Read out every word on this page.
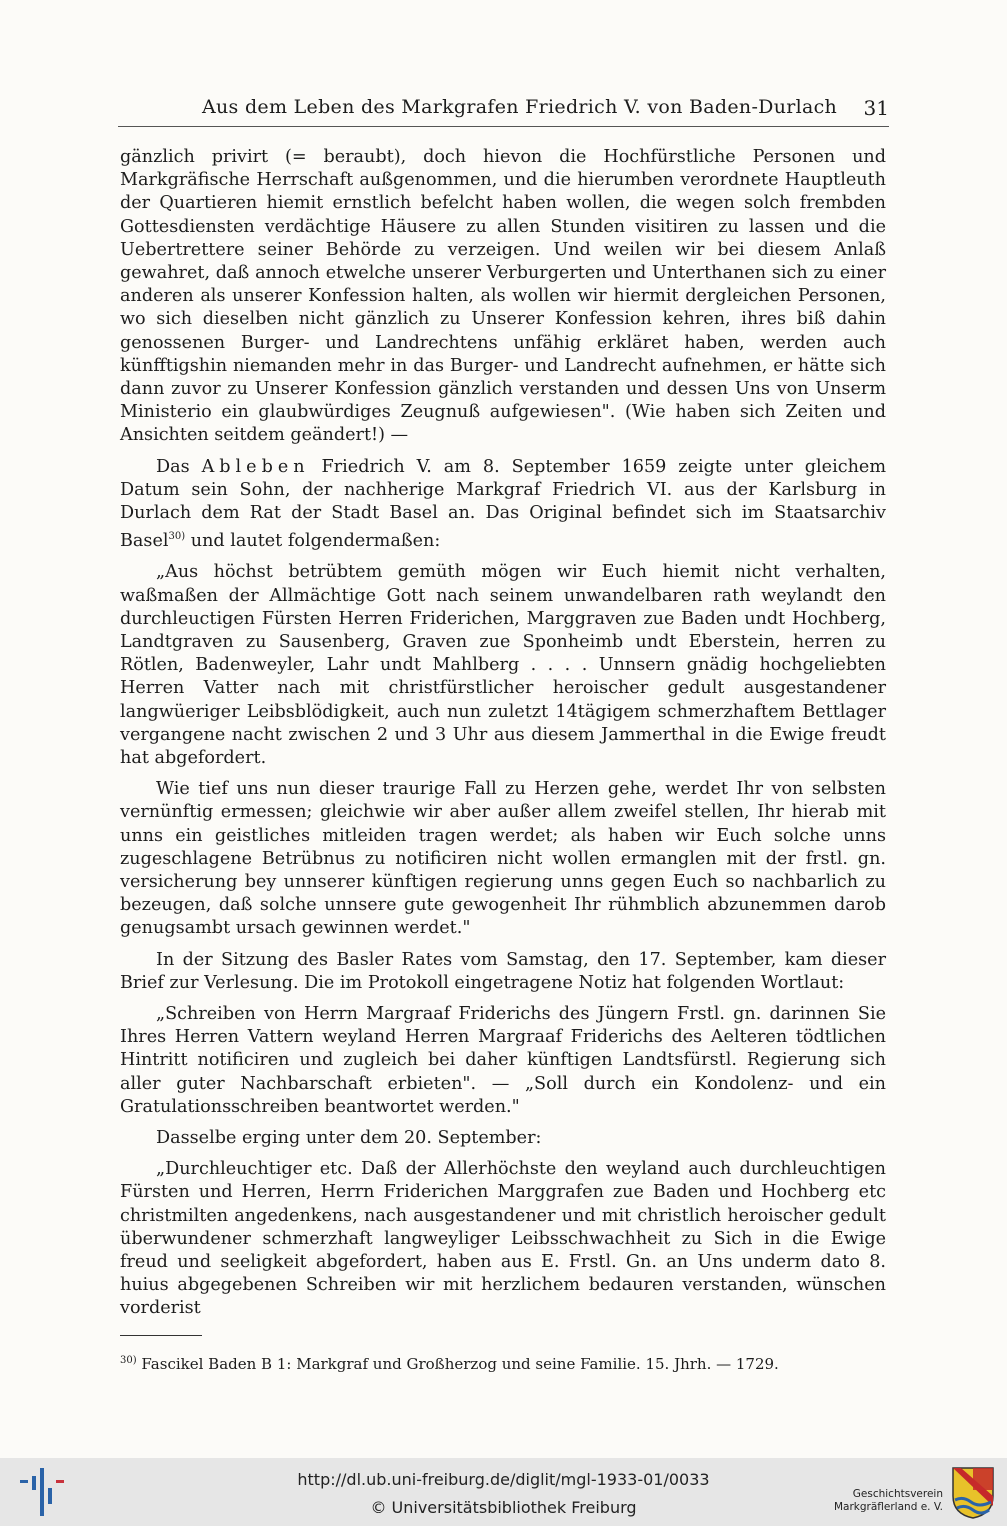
Aus dem Leben des Markgrafen Friedrich V. von Baden-Durlach 31

gänzlich privirt (= beraubt), doch hievon die Hochfürstliche Personen und Markgräfische Herrschaft außgenommen, und die hierumben verordnete Hauptleuth der Quartieren hiemit ernstlich befelcht haben wollen, die wegen solch frembden Gottesdiensten verdächtige Häusere zu allen Stunden visitiren zu lassen und die Uebertrettere seiner Behörde zu verzeigen. Und weilen wir bei diesem Anlaß gewahret, daß annoch etwelche unserer Verburgerten und Unterthanen sich zu einer anderen als unserer Konfession halten, als wollen wir hiermit dergleichen Personen, wo sich dieselben nicht gänzlich zu Unserer Konfession kehren, ihres biß dahin genossenen Burger- und Landrechtens unfähig erkläret haben, werden auch künfftigshin niemanden mehr in das Burger- und Landrecht aufnehmen, er hätte sich dann zuvor zu Unserer Konfession gänzlich verstanden und dessen Uns von Unserm Ministerio ein glaubwürdiges Zeugnuß aufgewiesen". (Wie haben sich Zeiten und Ansichten seitdem geändert!) —

Das Ableben Friedrich V. am 8. September 1659 zeigte unter gleichem Datum sein Sohn, der nachherige Markgraf Friedrich VI. aus der Karlsburg in Durlach dem Rat der Stadt Basel an. Das Original befindet sich im Staatsarchiv Basel$^{30)}$ und lautet folgendermaßen:

„Aus höchst betrübtem gemüth mögen wir Euch hiemit nicht verhalten, waßmaßen der Allmächtige Gott nach seinem unwandelbaren rath weylandt den durchleuctigen Fürsten Herren Friderichen, Marggraven zue Baden undt Hochberg, Landtgraven zu Sausenberg, Graven zue Sponheimb undt Eberstein, herren zu Rötlen, Badenweyler, Lahr undt Mahlberg . . . . Unnsern gnädig hochgeliebten Herren Vatter nach mit christfürstlicher heroischer gedult ausgestandener langwüeriger Leibsblödigkeit, auch nun zuletzt 14tägigem schmerzhaftem Bettlager vergangene nacht zwischen 2 und 3 Uhr aus diesem Jammerthal in die Ewige freudt hat abgefordert.

Wie tief uns nun dieser traurige Fall zu Herzen gehe, werdet Ihr von selbsten vernünftig ermessen; gleichwie wir aber außer allem zweifel stellen, Ihr hierab mit unns ein geistliches mitleiden tragen werdet; als haben wir Euch solche unns zugeschlagene Betrübnus zu notificiren nicht wollen ermanglen mit der frstl. gn. versicherung bey unnserer künftigen regierung unns gegen Euch so nachbarlich zu bezeugen, daß solche unnsere gute gewogenheit Ihr rühmblich abzunemmen darob genugsambt ursach gewinnen werdet."

In der Sitzung des Basler Rates vom Samstag, den 17. September, kam dieser Brief zur Verlesung. Die im Protokoll eingetragene Notiz hat folgenden Wortlaut:

„Schreiben von Herrn Margraaf Friderichs des Jüngern Frstl. gn. darinnen Sie Ihres Herren Vattern weyland Herren Margraaf Friderichs des Aelteren tödtlichen Hintritt notificiren und zugleich bei daher künftigen Landtsfürstl. Regierung sich aller guter Nachbarschaft erbieten". — „Soll durch ein Kondolenz- und ein Gratulationsschreiben beantwortet werden."

Dasselbe erging unter dem 20. September:

„Durchleuchtiger etc. Daß der Allerhöchste den weyland auch durchleuchtigen Fürsten und Herren, Herrn Friderichen Marggrafen zue Baden und Hochberg etc christmilten angedenkens, nach ausgestandener und mit christlich heroischer gedult überwundener schmerzhaft langweyliger Leibsschwachheit zu Sich in die Ewige freud und seeligkeit abgefordert, haben aus E. Frstl. Gn. an Uns underm dato 8. huius abgegebenen Schreiben wir mit herzlichem bedauren verstanden, wünschen vorderist

$^{30)}$ Fascikel Baden B 1: Markgraf und Großherzog und seine Familie. 15. Jhrh. — 1729.

http://dl.ub.uni-freiburg.de/diglit/mgl-1933-01/0033
© Universitätsbibliothek Freiburg
Geschichtsverein
Markgräflerland e. V.
